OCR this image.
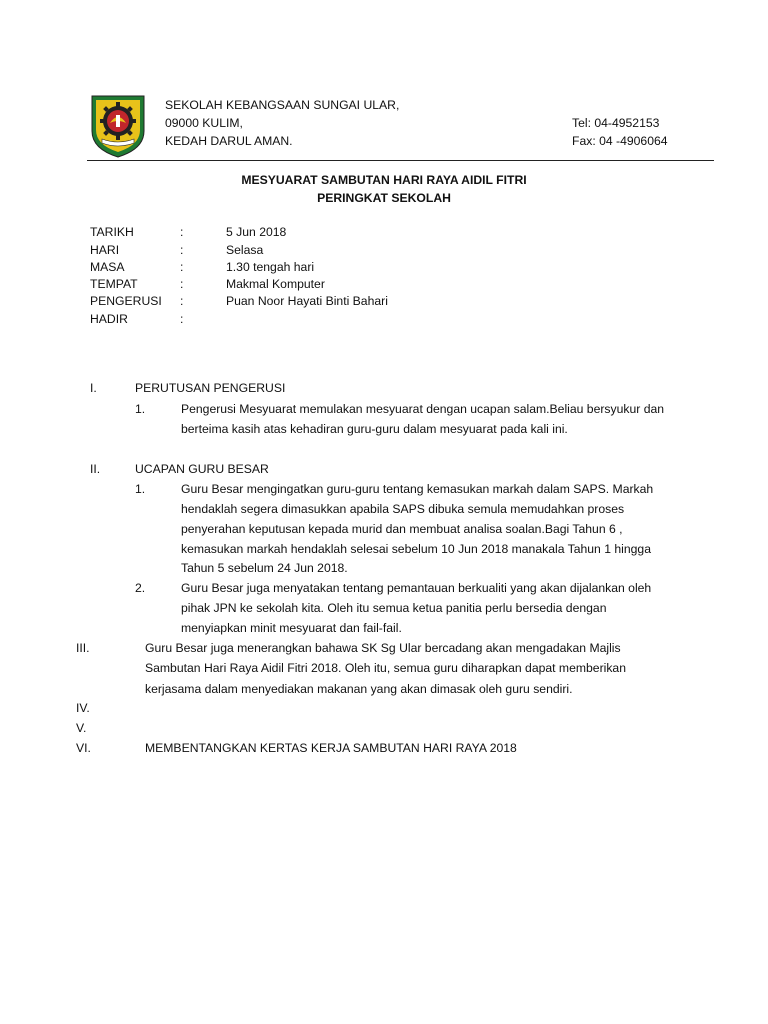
SEKOLAH KEBANGSAAN SUNGAI ULAR,
09000 KULIM,
KEDAH DARUL AMAN.
Tel: 04-4952153
Fax: 04 -4906064
MESYUARAT SAMBUTAN HARI RAYA AIDIL FITRI
PERINGKAT SEKOLAH
TARIKH	:	5 Jun 2018
HARI	:	Selasa
MASA	:	1.30 tengah hari
TEMPAT	:	Makmal Komputer
PENGERUSI :	Puan Noor Hayati Binti Bahari
HADIR	:
I.	PERUTUSAN PENGERUSI
1.	Pengerusi Mesyuarat memulakan mesyuarat dengan ucapan salam.Beliau bersyukur dan
berteima kasih atas kehadiran guru-guru dalam mesyuarat pada kali ini.
II.	UCAPAN GURU BESAR
1.	Guru Besar mengingatkan guru-guru tentang kemasukan markah dalam SAPS. Markah
hendaklah segera dimasukkan apabila SAPS dibuka semula memudahkan proses
penyerahan keputusan kepada murid dan membuat analisa soalan.Bagi Tahun 6 ,
kemasukan markah hendaklah selesai sebelum 10 Jun 2018 manakala Tahun 1 hingga
Tahun 5 sebelum 24 Jun 2018.
2.	Guru Besar juga menyatakan tentang pemantauan berkualiti yang akan dijalankan oleh
pihak JPN ke sekolah kita. Oleh itu semua ketua panitia perlu bersedia dengan
menyiapkan minit mesyuarat dan fail-fail.
III.	Guru Besar juga menerangkan bahawa SK Sg Ular bercadang akan mengadakan Majlis
Sambutan Hari Raya Aidil Fitri 2018. Oleh itu, semua guru diharapkan dapat memberikan
kerjasama dalam menyediakan makanan yang akan dimasak oleh guru sendiri.
IV.
V.
VI.	MEMBENTANGKAN KERTAS KERJA SAMBUTAN HARI RAYA 2018
